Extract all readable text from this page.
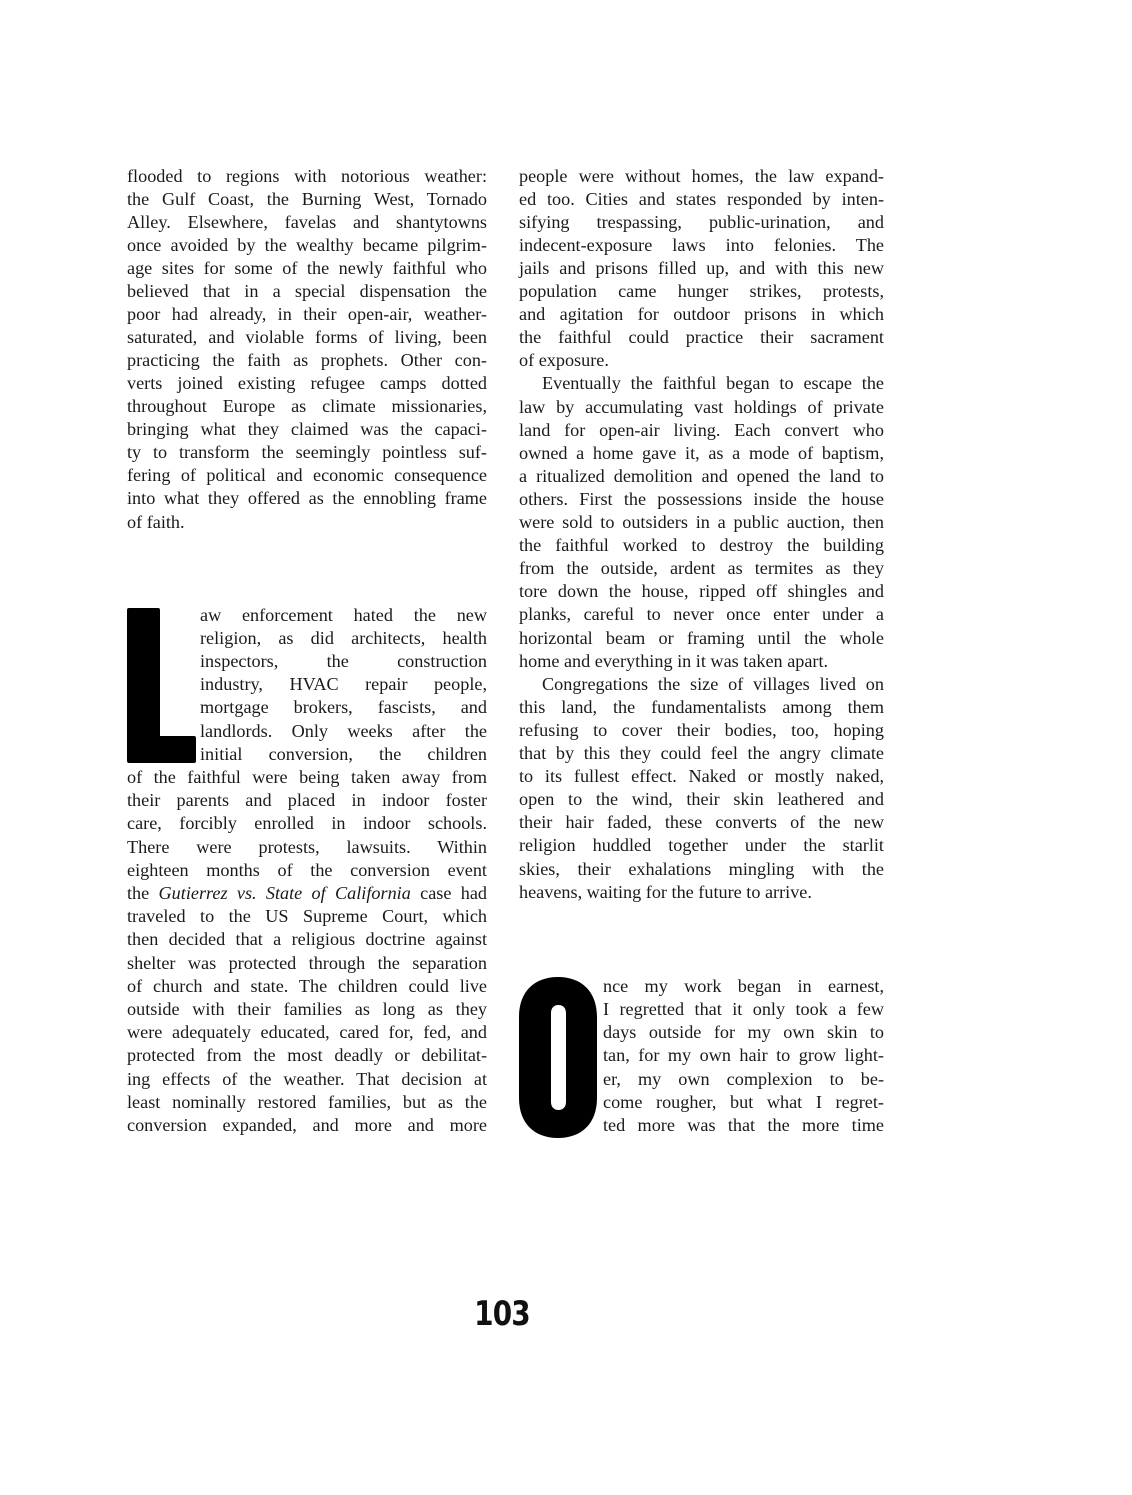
flooded to regions with notorious weather:
the Gulf Coast, the Burning West, Tornado
Alley. Elsewhere, favelas and shantytowns
once avoided by the wealthy became pilgrim-
age sites for some of the newly faithful who
believed that in a special dispensation the
poor had already, in their open-air, weather-
saturated, and violable forms of living, been
practicing the faith as prophets. Other con-
verts joined existing refugee camps dotted
throughout Europe as climate missionaries,
bringing what they claimed was the capaci-
ty to transform the seemingly pointless suf-
fering of political and economic consequence
into what they offered as the ennobling frame
of faith.
aw enforcement hated the new
religion, as did architects, health
inspectors, the construction
industry, HVAC repair people,
mortgage brokers, fascists, and
landlords. Only weeks after the
initial conversion, the children
of the faithful were being taken away from
their parents and placed in indoor foster
care, forcibly enrolled in indoor schools.
There were protests, lawsuits. Within
eighteen months of the conversion event
the Gutierrez vs. State of California case had
traveled to the US Supreme Court, which
then decided that a religious doctrine against
shelter was protected through the separation
of church and state. The children could live
outside with their families as long as they
were adequately educated, cared for, fed, and
protected from the most deadly or debilitat-
ing effects of the weather. That decision at
least nominally restored families, but as the
conversion expanded, and more and more
people were without homes, the law expand-
ed too. Cities and states responded by inten-
sifying trespassing, public-urination, and
indecent-exposure laws into felonies. The
jails and prisons filled up, and with this new
population came hunger strikes, protests,
and agitation for outdoor prisons in which
the faithful could practice their sacrament
of exposure.
Eventually the faithful began to escape the
law by accumulating vast holdings of private
land for open-air living. Each convert who
owned a home gave it, as a mode of baptism,
a ritualized demolition and opened the land to
others. First the possessions inside the house
were sold to outsiders in a public auction, then
the faithful worked to destroy the building
from the outside, ardent as termites as they
tore down the house, ripped off shingles and
planks, careful to never once enter under a
horizontal beam or framing until the whole
home and everything in it was taken apart.
Congregations the size of villages lived on
this land, the fundamentalists among them
refusing to cover their bodies, too, hoping
that by this they could feel the angry climate
to its fullest effect. Naked or mostly naked,
open to the wind, their skin leathered and
their hair faded, these converts of the new
religion huddled together under the starlit
skies, their exhalations mingling with the
heavens, waiting for the future to arrive.
nce my work began in earnest,
I regretted that it only took a few
days outside for my own skin to
tan, for my own hair to grow light-
er, my own complexion to be-
come rougher, but what I regret-
ted more was that the more time
103
